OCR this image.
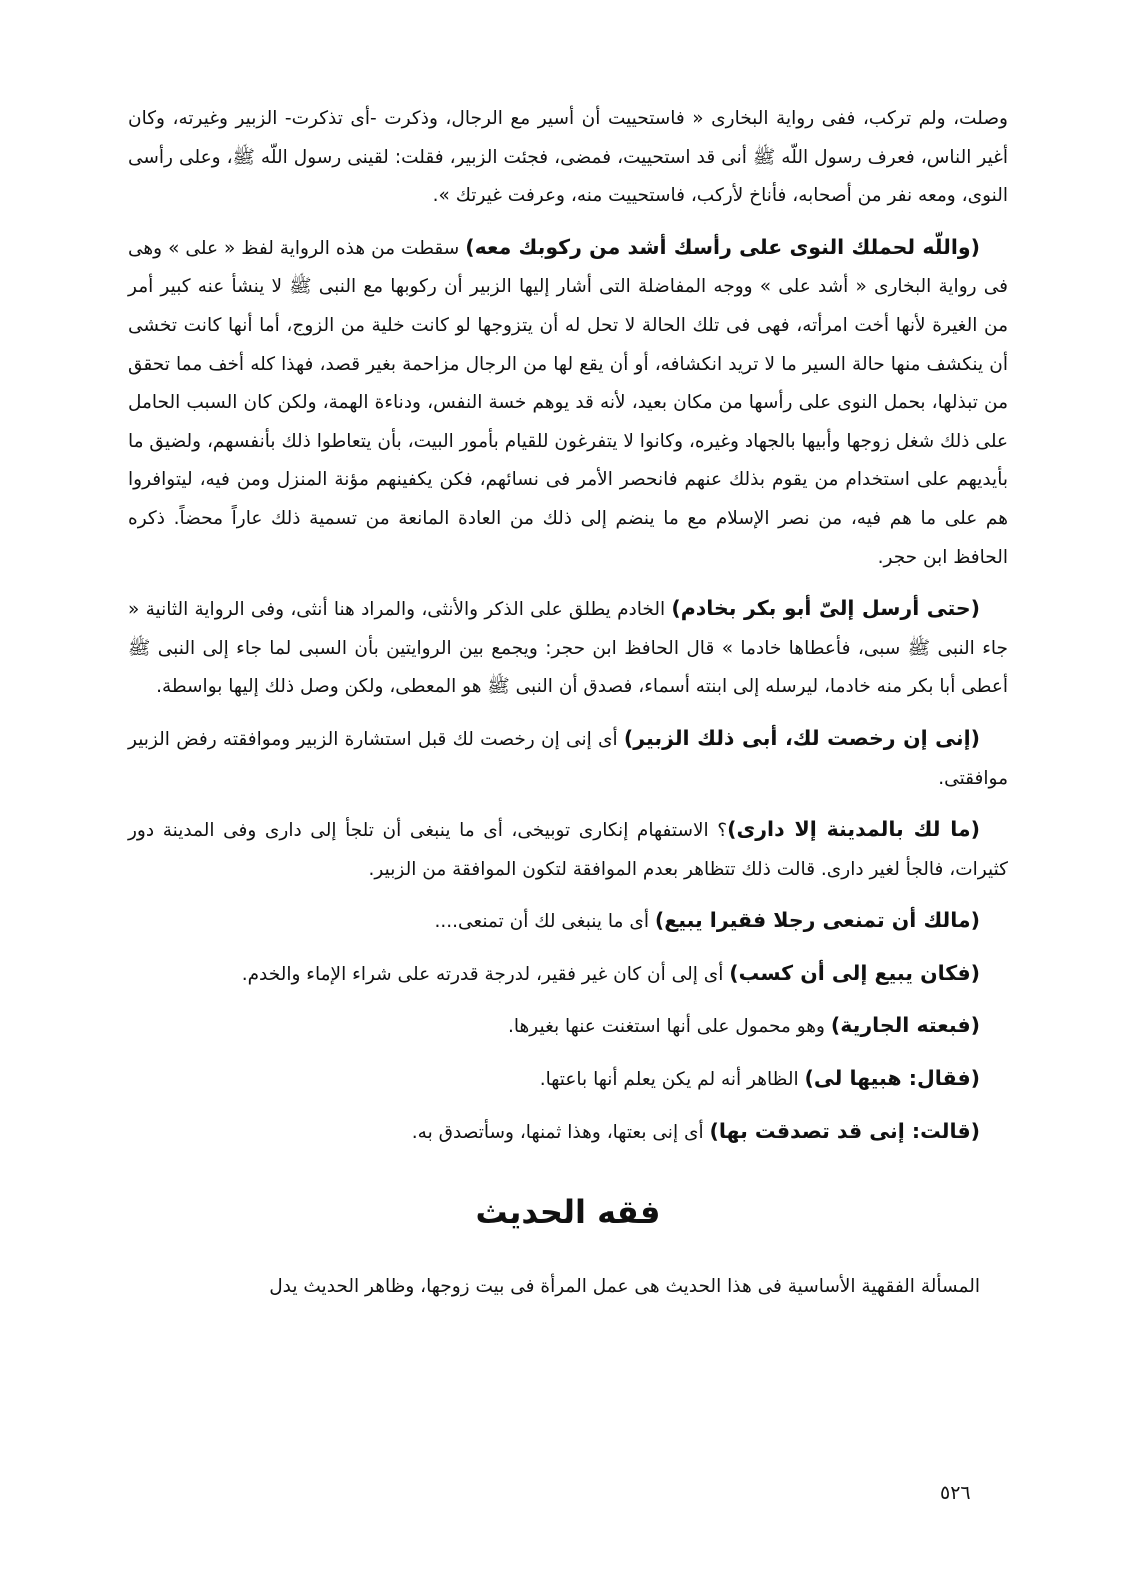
وصلت، ولم تركب، ففى رواية البخارى « فاستحييت أن أسير مع الرجال، وذكرت -أى تذكرت- الزبير وغيرته، وكان أغير الناس، فعرف رسول اللّه ﷺ أنى قد استحييت، فمضى، فجئت الزبير، فقلت: لقينى رسول اللّه ﷺ، وعلى رأسى النوى، ومعه نفر من أصحابه، فأناخ لأركب، فاستحييت منه، وعرفت غيرتك ».

(واللّه لحملك النوى على رأسك أشد من ركوبك معه) سقطت من هذه الرواية لفظ « على » وهى فى رواية البخارى « أشد على » ووجه المفاضلة التى أشار إليها الزبير أن ركوبها مع النبى ﷺ لا ينشأ عنه كبير أمر من الغيرة لأنها أخت امرأته، فهى فى تلك الحالة لا تحل له أن يتزوجها لو كانت خلية من الزوج، أما أنها كانت تخشى أن ينكشف منها حالة السير ما لا تريد انكشافه، أو أن يقع لها من الرجال مزاحمة بغير قصد، فهذا كله أخف مما تحقق من تبذلها، بحمل النوى على رأسها من مكان بعيد، لأنه قد يوهم خسة النفس، ودناءة الهمة، ولكن كان السبب الحامل على ذلك شغل زوجها وأبيها بالجهاد وغيره، وكانوا لا يتفرغون للقيام بأمور البيت، بأن يتعاطوا ذلك بأنفسهم، ولضيق ما بأيديهم على استخدام من يقوم بذلك عنهم فانحصر الأمر فى نسائهم، فكن يكفينهم مؤنة المنزل ومن فيه، ليتوافروا هم على ما هم فيه، من نصر الإسلام مع ما ينضم إلى ذلك من العادة المانعة من تسمية ذلك عاراً محضاً. ذكره الحافظ ابن حجر.

(حتى أرسل إلىّ أبو بكر بخادم) الخادم يطلق على الذكر والأنثى، والمراد هنا أنثى، وفى الرواية الثانية « جاء النبى ﷺ سبى، فأعطاها خادما » قال الحافظ ابن حجر: ويجمع بين الروايتين بأن السبى لما جاء إلى النبى ﷺ أعطى أبا بكر منه خادما، ليرسله إلى ابنته أسماء، فصدق أن النبى ﷺ هو المعطى، ولكن وصل ذلك إليها بواسطة.

(إنى إن رخصت لك، أبى ذلك الزبير) أى إنى إن رخصت لك قبل استشارة الزبير وموافقته رفض الزبير موافقتى.

(ما لك بالمدينة إلا دارى)؟ الاستفهام إنكارى توبيخى، أى ما ينبغى أن تلجأ إلى دارى وفى المدينة دور كثيرات، فالجأ لغير دارى. قالت ذلك تتظاهر بعدم الموافقة لتكون الموافقة من الزبير.

(مالك أن تمنعى رجلا فقيرا يبيع) أى ما ينبغى لك أن تمنعى....

(فكان يبيع إلى أن كسب) أى إلى أن كان غير فقير، لدرجة قدرته على شراء الإماء والخدم.

(فبعته الجارية) وهو محمول على أنها استغنت عنها بغيرها.

(فقال: هبيها لى) الظاهر أنه لم يكن يعلم أنها باعتها.

(قالت: إنى قد تصدقت بها) أى إنى بعتها، وهذا ثمنها، وسأتصدق به.

فقه الحديث

المسألة الفقهية الأساسية فى هذا الحديث هى عمل المرأة فى بيت زوجها، وظاهر الحديث يدل

٥٢٦
